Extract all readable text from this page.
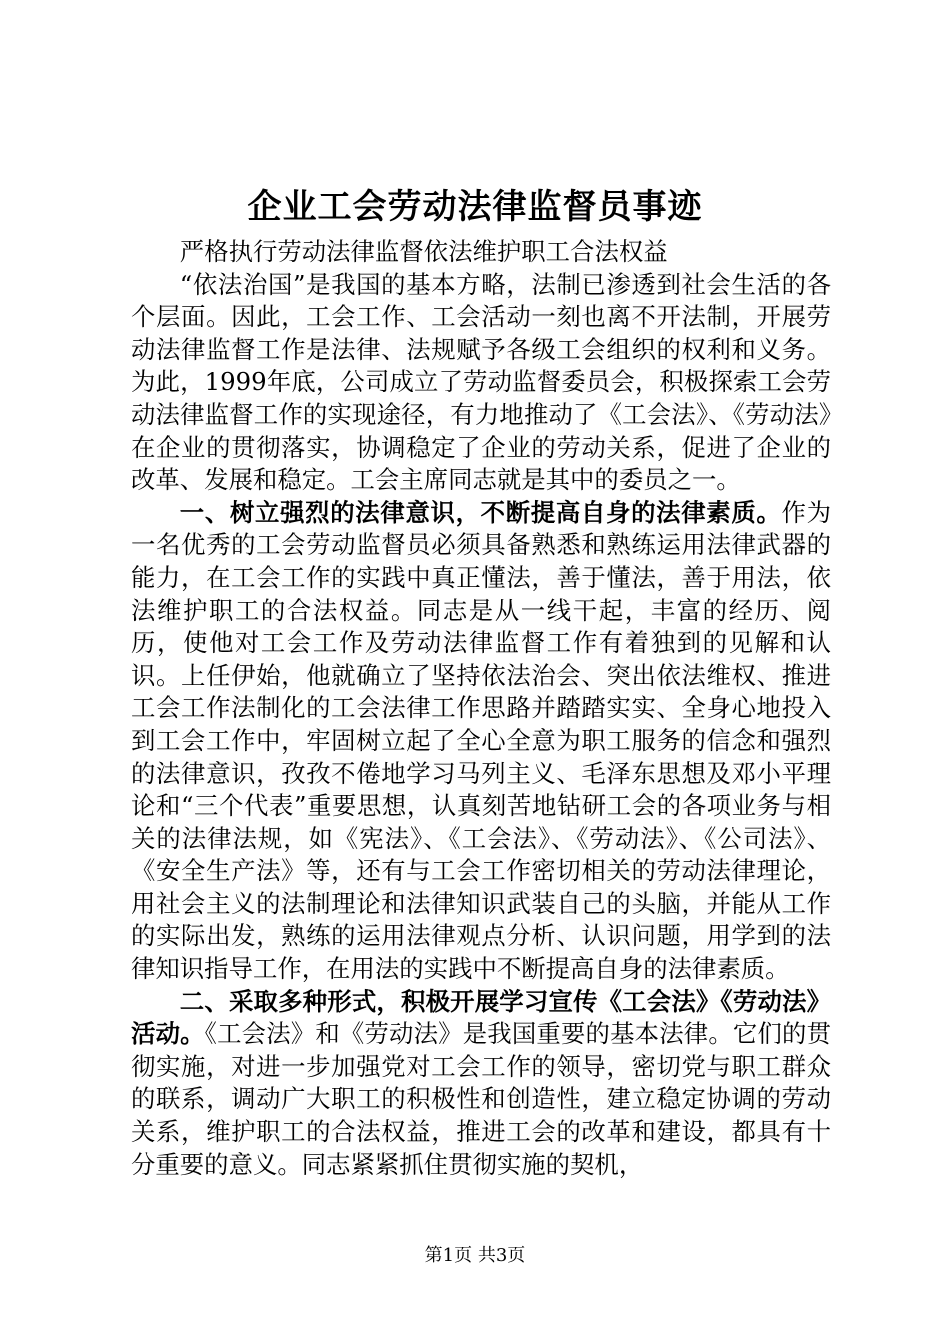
企业工会劳动法律监督员事迹

严格执行劳动法律监督依法维护职工合法权益

“依法治国”是我国的基本方略，法制已渗透到社会生活的各个层面。因此，工会工作、工会活动一刻也离不开法制，开展劳动法律监督工作是法律、法规赋予各级工会组织的权利和义务。为此，1999年底，公司成立了劳动监督委员会，积极探索工会劳动法律监督工作的实现途径，有力地推动了《工会法》、《劳动法》在企业的贯彻落实，协调稳定了企业的劳动关系，促进了企业的改革、发展和稳定。工会主席同志就是其中的委员之一。

一、树立强烈的法律意识，不断提高自身的法律素质。作为一名优秀的工会劳动监督员必须具备熟悉和熟练运用法律武器的能力，在工会工作的实践中真正懂法，善于懂法，善于用法，依法维护职工的合法权益。同志是从一线干起，丰富的经历、阅历，使他对工会工作及劳动法律监督工作有着独到的见解和认识。上任伊始，他就确立了坚持依法治会、突出依法维权、推进工会工作法制化的工会法律工作思路并踏踏实实、全身心地投入到工会工作中，牢固树立起了全心全意为职工服务的信念和强烈的法律意识，孜孜不倦地学习马列主义、毛泽东思想及邓小平理论和“三个代表”重要思想，认真刻苦地钻研工会的各项业务与相关的法律法规，如《宪法》、《工会法》、《劳动法》、《公司法》、《安全生产法》等，还有与工会工作密切相关的劳动法律理论，用社会主义的法制理论和法律知识武装自己的头脑，并能从工作的实际出发，熟练的运用法律观点分析、认识问题，用学到的法律知识指导工作，在用法的实践中不断提高自身的法律素质。

二、采取多种形式，积极开展学习宣传《工会法》《劳动法》活动。《工会法》和《劳动法》是我国重要的基本法律。它们的贯彻实施，对进一步加强党对工会工作的领导，密切党与职工群众的联系，调动广大职工的积极性和创造性，建立稳定协调的劳动关系，维护职工的合法权益，推进工会的改革和建设，都具有十分重要的意义。同志紧紧抓住贯彻实施的契机，

第1页 共3页
